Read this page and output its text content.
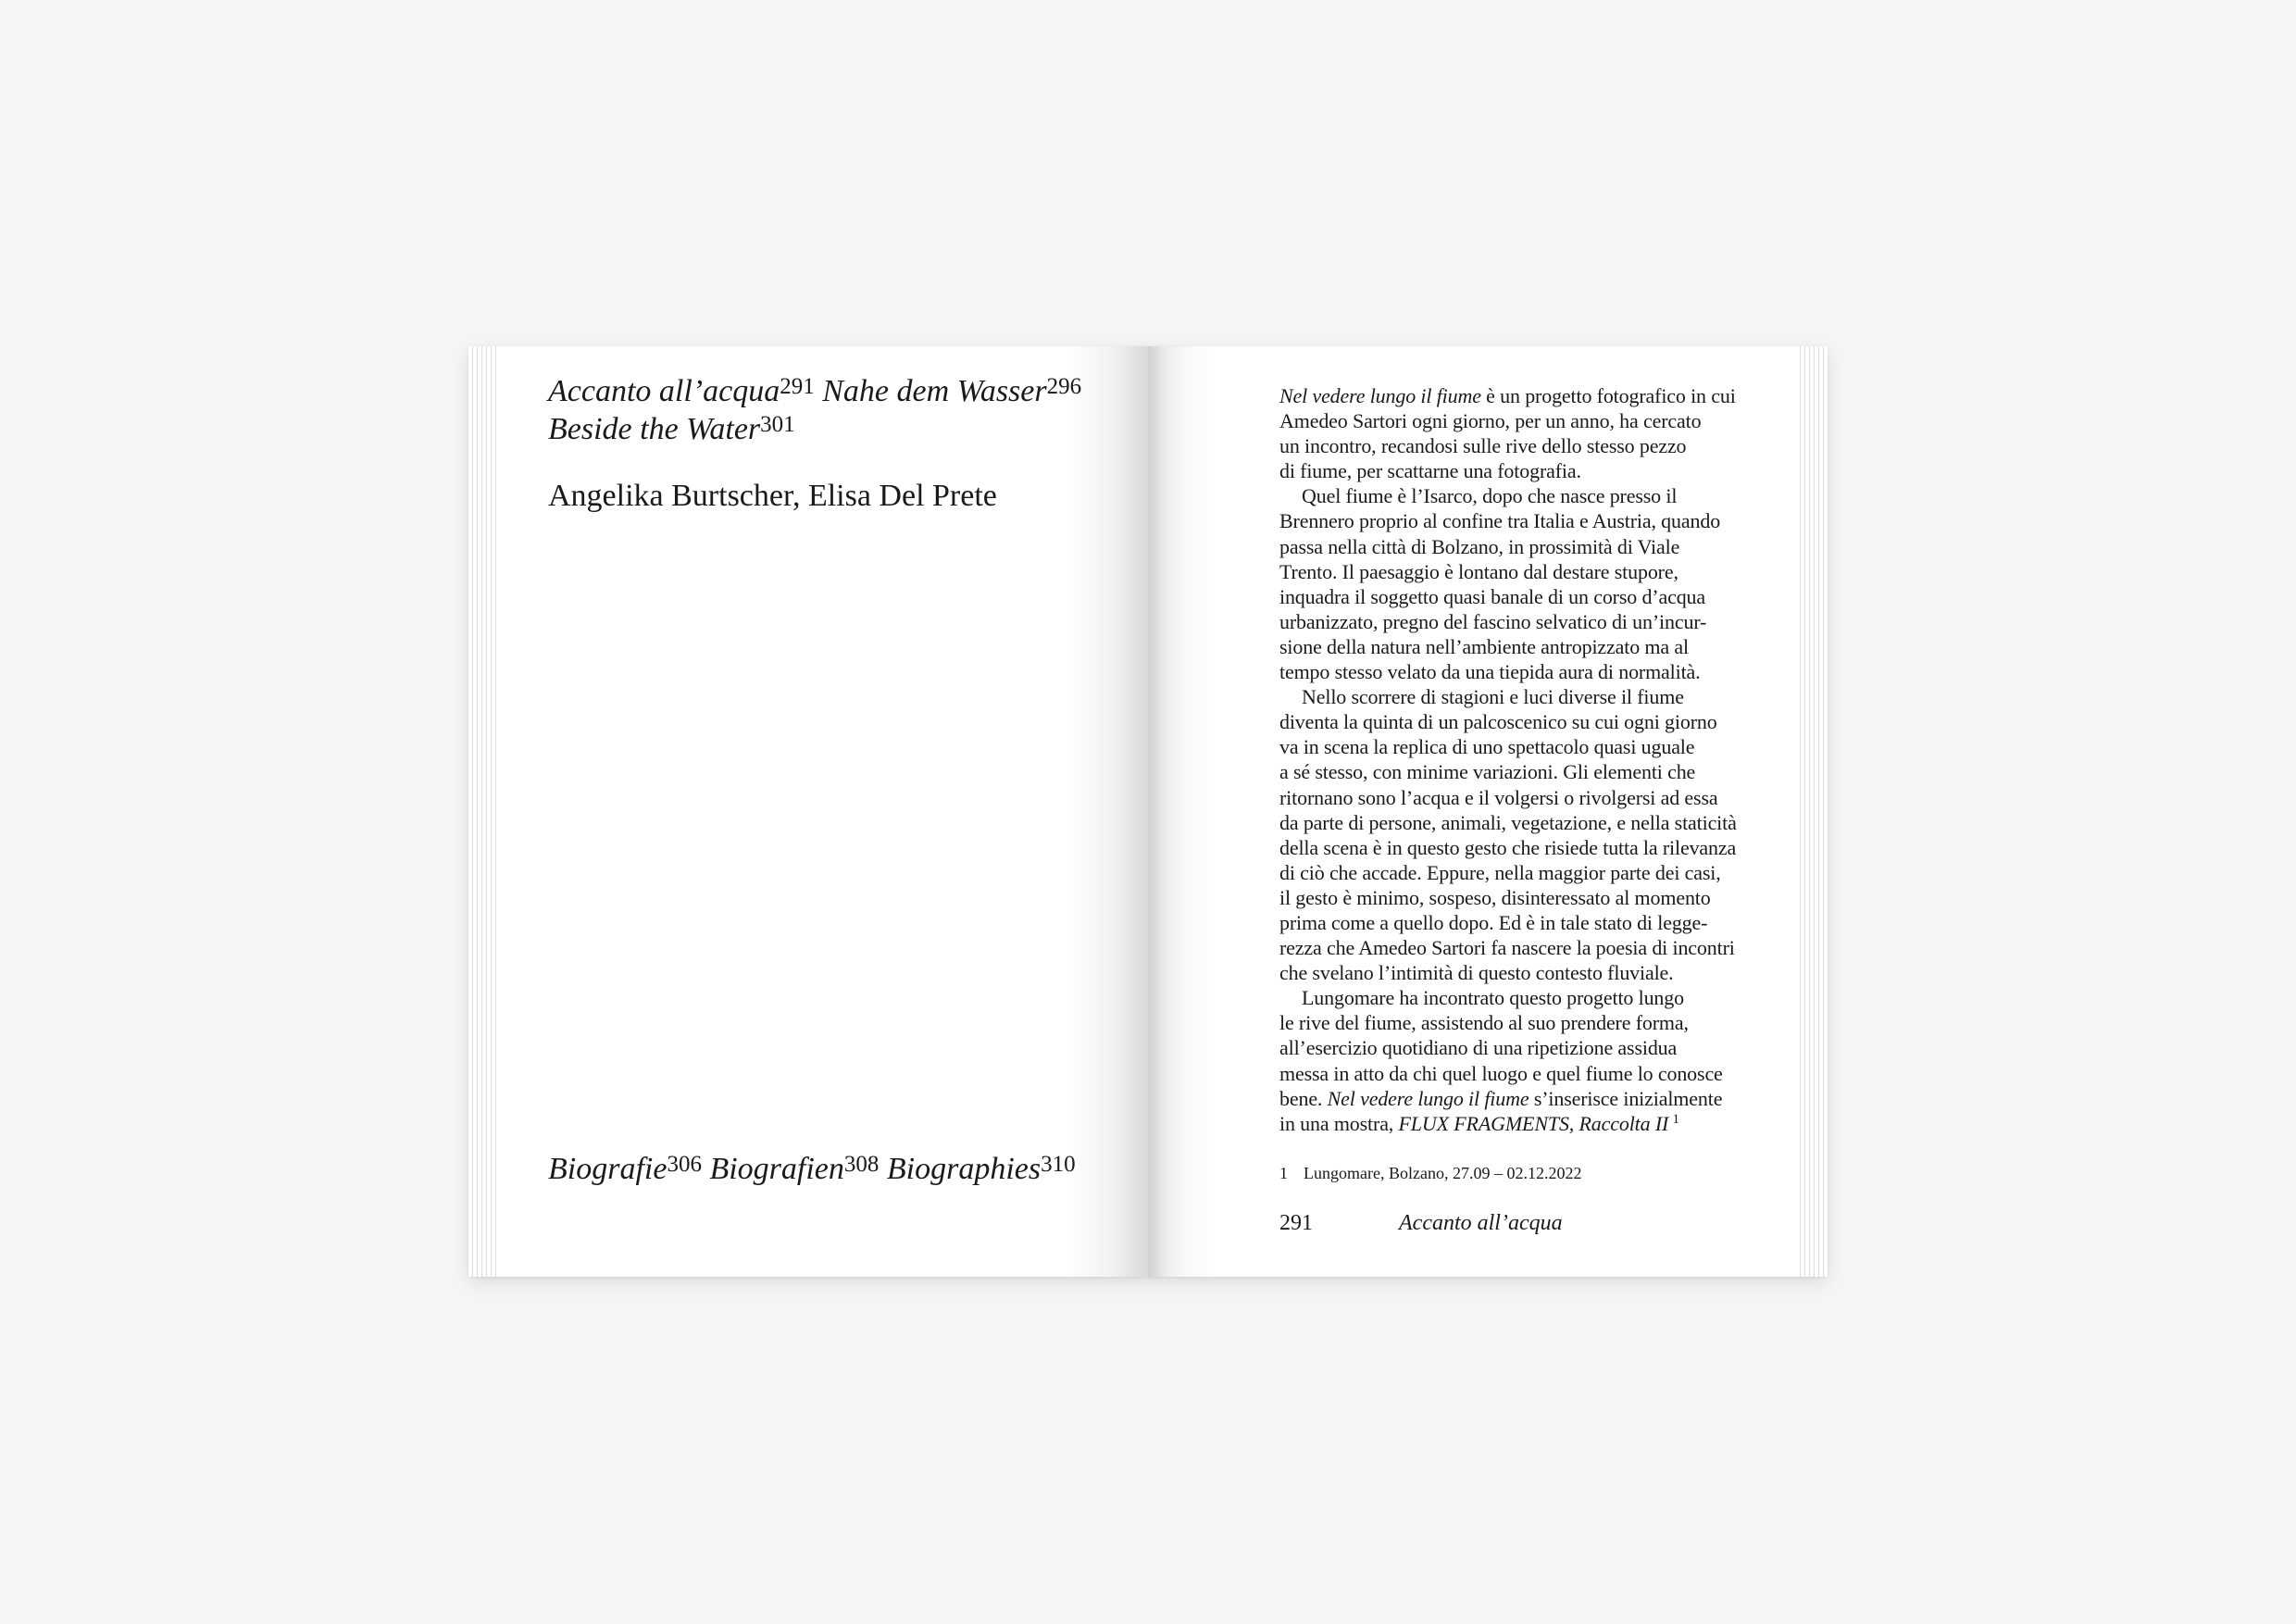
Accanto all’acqua$^{291}$ Nahe dem Wasser$^{296}$
Beside the Water$^{301}$
Angelika Burtscher, Elisa Del Prete
Biografie$^{306}$ Biografien$^{308}$ Biographies$^{310}$
Nel vedere lungo il fiume è un progetto fotografico in cui
Amedeo Sartori ogni giorno, per un anno, ha cercato
un incontro, recandosi sulle rive dello stesso pezzo
di fiume, per scattarne una fotografia.
Quel fiume è l’Isarco, dopo che nasce presso il
Brennero proprio al confine tra Italia e Austria, quando
passa nella città di Bolzano, in prossimità di Viale
Trento. Il paesaggio è lontano dal destare stupore,
inquadra il soggetto quasi banale di un corso d’acqua
urbanizzato, pregno del fascino selvatico di un’incur-
sione della natura nell’ambiente antropizzato ma al
tempo stesso velato da una tiepida aura di normalità.
Nello scorrere di stagioni e luci diverse il fiume
diventa la quinta di un palcoscenico su cui ogni giorno
va in scena la replica di uno spettacolo quasi uguale
a sé stesso, con minime variazioni. Gli elementi che
ritornano sono l’acqua e il volgersi o rivolgersi ad essa
da parte di persone, animali, vegetazione, e nella staticità
della scena è in questo gesto che risiede tutta la rilevanza
di ciò che accade. Eppure, nella maggior parte dei casi,
il gesto è minimo, sospeso, disinteressato al momento
prima come a quello dopo. Ed è in tale stato di legge-
rezza che Amedeo Sartori fa nascere la poesia di incontri
che svelano l’intimità di questo contesto fluviale.
Lungomare ha incontrato questo progetto lungo
le rive del fiume, assistendo al suo prendere forma,
all’esercizio quotidiano di una ripetizione assidua
messa in atto da chi quel luogo e quel fiume lo conosce
bene. Nel vedere lungo il fiume s’inserisce inizialmente
in una mostra, FLUX FRAGMENTS, Raccolta II  $^1$
1 Lungomare, Bolzano, 27.09 – 02.12.2022
291	Accanto all’acqua
